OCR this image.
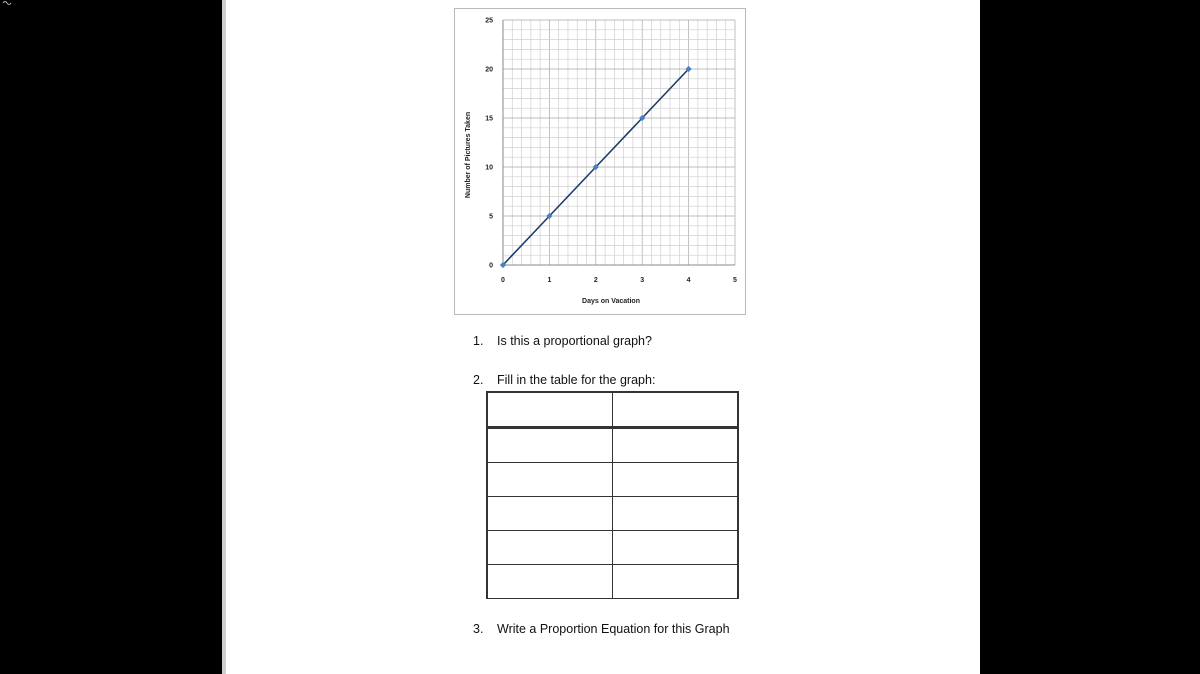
0
5
10
15
20
25
0	1	2	3	4	5
Days on Vacation
Number of Pictures Taken
1. Is this a proportional graph?
2. Fill in the table for the graph:

3. Write a Proportion Equation for this Graph
